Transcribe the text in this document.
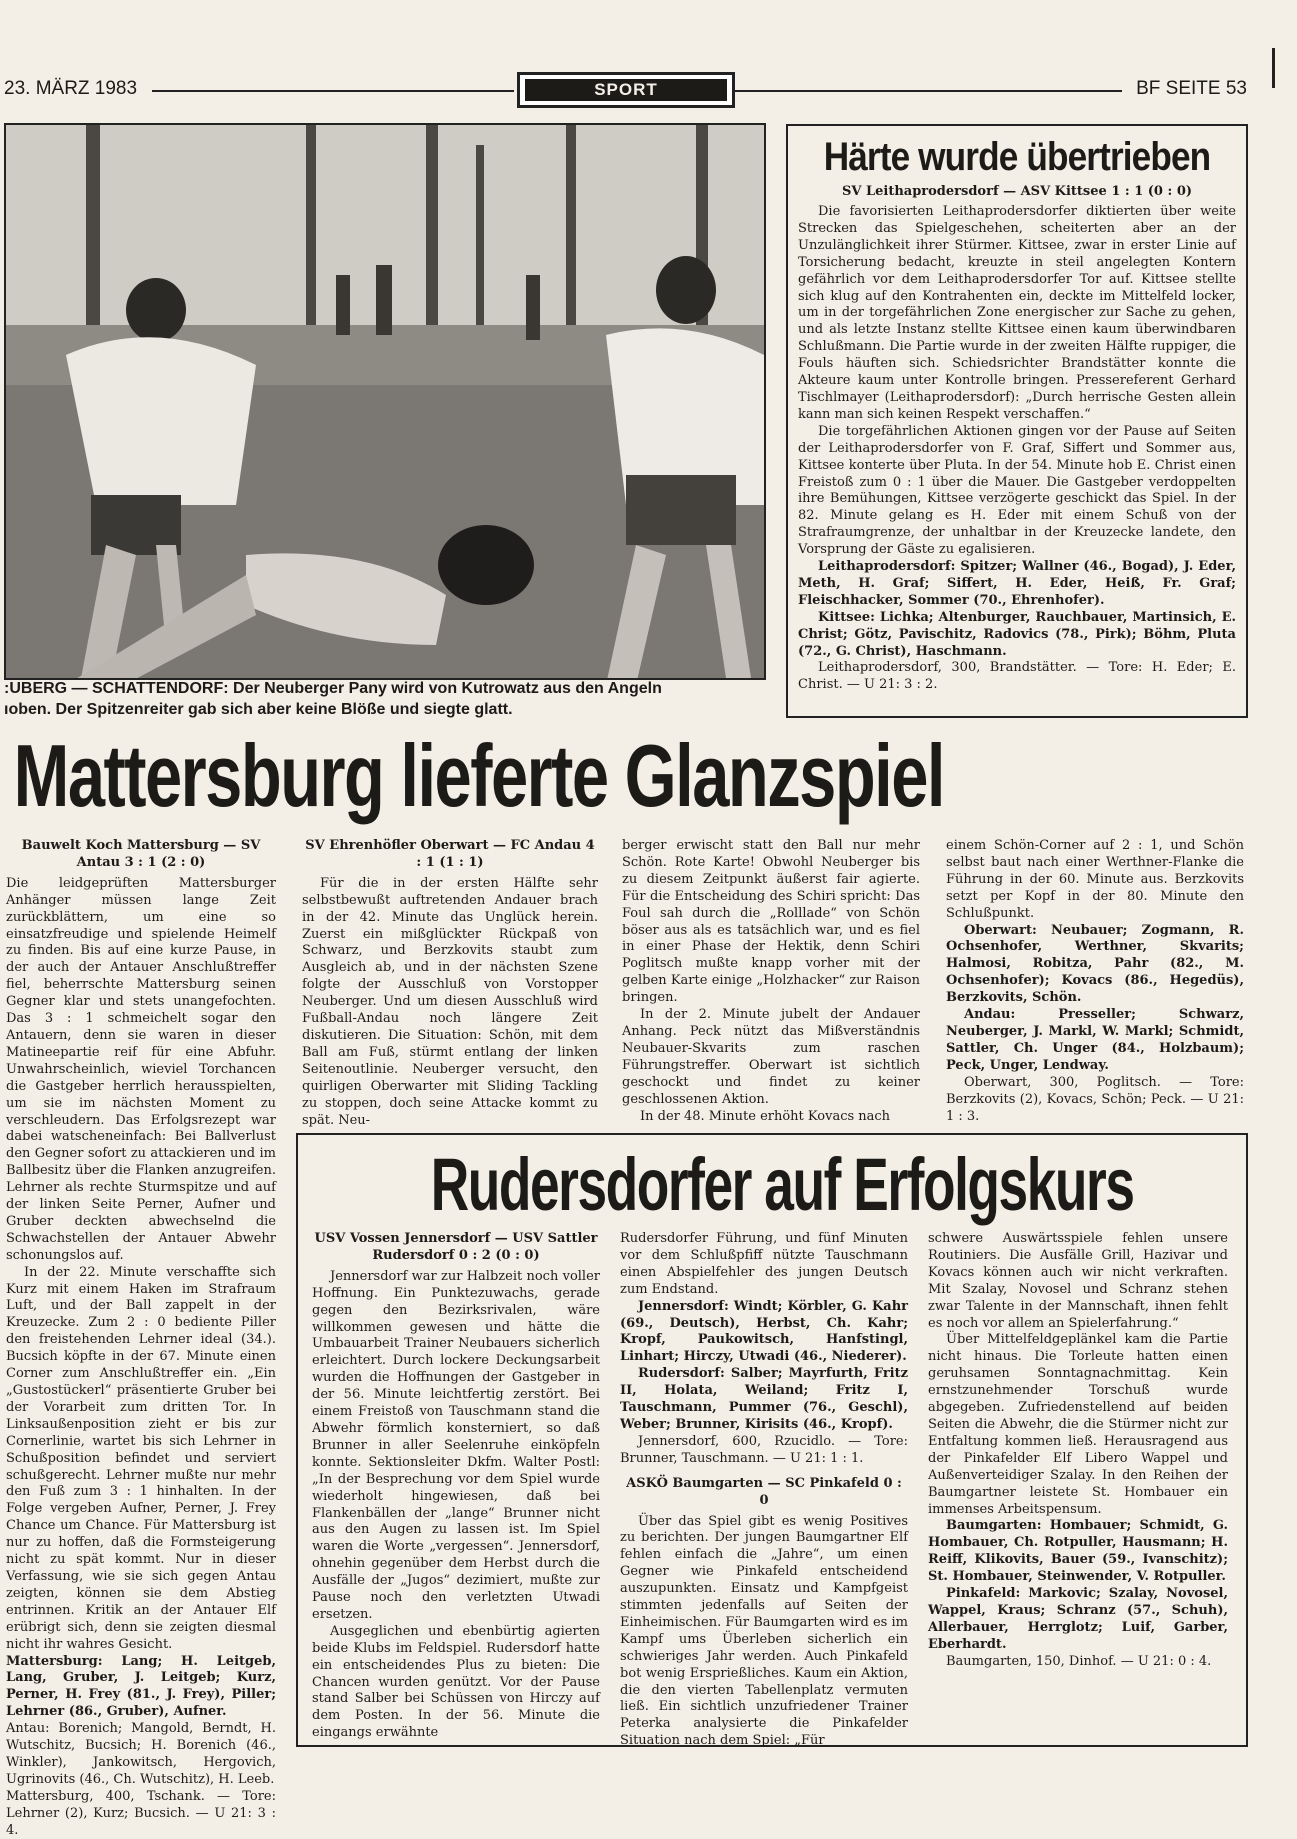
23. MÄRZ 1983	SPORT	BF SEITE 53
:UBERG — SCHATTENDORF: Der Neuberger Pany wird von Kutrowatz aus den Angeln
ıoben. Der Spitzenreiter gab sich aber keine Blöße und siegte glatt.
Härte wurde übertrieben
SV Leithaprodersdorf — ASV Kittsee 1 : 1 (0 : 0)

Die favorisierten Leithaprodersdorfer diktierten über weite Strecken das Spielgeschehen, scheiterten aber an der Unzulänglichkeit ihrer Stürmer. Kittsee, zwar in erster Linie auf Torsicherung bedacht, kreuzte in steil angelegten Kontern gefährlich vor dem Leithaprodersdorfer Tor auf. Kittsee stellte sich klug auf den Kontrahenten ein, deckte im Mittelfeld locker, um in der torgefährlichen Zone energischer zur Sache zu gehen, und als letzte Instanz stellte Kittsee einen kaum überwindbaren Schlußmann. Die Partie wurde in der zweiten Hälfte ruppiger, die Fouls häuften sich. Schiedsrichter Brandstätter konnte die Akteure kaum unter Kontrolle bringen. Pressereferent Gerhard Tischlmayer (Leithaprodersdorf): „Durch herrische Gesten allein kann man sich keinen Respekt verschaffen.“

Die torgefährlichen Aktionen gingen vor der Pause auf Seiten der Leithaprodersdorfer von F. Graf, Siffert und Sommer aus, Kittsee konterte über Pluta. In der 54. Minute hob E. Christ einen Freistoß zum 0 : 1 über die Mauer. Die Gastgeber verdoppelten ihre Bemühungen, Kittsee verzögerte geschickt das Spiel. In der 82. Minute gelang es H. Eder mit einem Schuß von der Strafraumgrenze, der unhaltbar in der Kreuzecke landete, den Vorsprung der Gäste zu egalisieren.

Leithaprodersdorf: Spitzer; Wallner (46., Bogad), J. Eder, Meth, H. Graf; Siffert, H. Eder, Heiß, Fr. Graf; Fleischhacker, Sommer (70., Ehrenhofer).

Kittsee: Lichka; Altenburger, Rauchbauer, Martinsich, E. Christ; Götz, Pavischitz, Radovics (78., Pirk); Böhm, Pluta (72., G. Christ), Haschmann.

Leithaprodersdorf, 300, Brandstätter. — Tore: H. Eder; E. Christ. — U 21: 3 : 2.

Mattersburg lieferte Glanzspiel

Bauwelt Koch Mattersburg — SV Antau 3 : 1 (2 : 0)

Die leidgeprüften Mattersburger Anhänger müssen lange Zeit zurückblättern, um eine so einsatzfreudige und spielende Heimelf zu finden. Bis auf eine kurze Pause, in der auch der Antauer Anschlußtreffer fiel, beherrschte Mattersburg seinen Gegner klar und stets unangefochten. Das 3 : 1 schmeichelt sogar den Antauern, denn sie waren in dieser Matineepartie reif für eine Abfuhr. Unwahrscheinlich, wieviel Torchancen die Gastgeber herrlich herausspielten, um sie im nächsten Moment zu verschleudern. Das Erfolgsrezept war dabei watscheneinfach: Bei Ballverlust den Gegner sofort zu attackieren und im Ballbesitz über die Flanken anzugreifen. Lehrner als rechte Sturmspitze und auf der linken Seite Perner, Aufner und Gruber deckten abwechselnd die Schwachstellen der Antauer Abwehr schonungslos auf.

In der 22. Minute verschaffte sich Kurz mit einem Haken im Strafraum Luft, und der Ball zappelt in der Kreuzecke. Zum 2 : 0 bediente Piller den freistehenden Lehrner ideal (34.). Bucsich köpfte in der 67. Minute einen Corner zum Anschlußtreffer ein. „Ein „Gustostückerl“ präsentierte Gruber bei der Vorarbeit zum dritten Tor. In Linksaußenposition zieht er bis zur Cornerlinie, wartet bis sich Lehrner in Schußposition befindet und serviert schußgerecht. Lehrner mußte nur mehr den Fuß zum 3 : 1 hinhalten. In der Folge vergeben Aufner, Perner, J. Frey Chance um Chance. Für Mattersburg ist nur zu hoffen, daß die Formsteigerung nicht zu spät kommt. Nur in dieser Verfassung, wie sie sich gegen Antau zeigten, können sie dem Abstieg entrinnen. Kritik an der Antauer Elf erübrigt sich, denn sie zeigten diesmal nicht ihr wahres Gesicht.

Mattersburg: Lang; H. Leitgeb, Lang, Gruber, J. Leitgeb; Kurz, Perner, H. Frey (81., J. Frey), Piller; Lehrner (86., Gruber), Aufner.

Antau: Borenich; Mangold, Berndt, H. Wutschitz, Bucsich; H. Borenich (46., Winkler), Jankowitsch, Hergovich, Ugrinovits (46., Ch. Wutschitz), H. Leeb.

Mattersburg, 400, Tschank. — Tore: Lehrner (2), Kurz; Bucsich. — U 21: 3 : 4.

SV Ehrenhöfler Oberwart — FC Andau 4 : 1 (1 : 1)

Für die in der ersten Hälfte sehr selbstbewußt auftretenden Andauer brach in der 42. Minute das Unglück herein. Zuerst ein mißglückter Rückpaß von Schwarz, und Berzkovits staubt zum Ausgleich ab, und in der nächsten Szene folgte der Ausschluß von Vorstopper Neuberger. Und um diesen Ausschluß wird Fußball-Andau noch längere Zeit diskutieren. Die Situation: Schön, mit dem Ball am Fuß, stürmt entlang der linken Seitenoutlinie. Neuberger versucht, den quirligen Oberwarter mit Sliding Tackling zu stoppen, doch seine Attacke kommt zu spät. Neu-

berger erwischt statt den Ball nur mehr Schön. Rote Karte! Obwohl Neuberger bis zu diesem Zeitpunkt äußerst fair agierte. Für die Entscheidung des Schiri spricht: Das Foul sah durch die „Rolllade“ von Schön böser aus als es tatsächlich war, und es fiel in einer Phase der Hektik, denn Schiri Poglitsch mußte knapp vorher mit der gelben Karte einige „Holzhacker“ zur Raison bringen.

In der 2. Minute jubelt der Andauer Anhang. Peck nützt das Mißverständnis Neubauer-Skvarits zum raschen Führungstreffer. Oberwart ist sichtlich geschockt und findet zu keiner geschlossenen Aktion.

In der 48. Minute erhöht Kovacs nach

einem Schön-Corner auf 2 : 1, und Schön selbst baut nach einer Werthner-Flanke die Führung in der 60. Minute aus. Berzkovits setzt per Kopf in der 80. Minute den Schlußpunkt.

Oberwart: Neubauer; Zogmann, R. Ochsenhofer, Werthner, Skvarits; Halmosi, Robitza, Pahr (82., M. Ochsenhofer); Kovacs (86., Hegedüs), Berzkovits, Schön.

Andau: Presseller; Schwarz, Neuberger, J. Markl, W. Markl; Schmidt, Sattler, Ch. Unger (84., Holzbaum); Peck, Unger, Lendway.

Oberwart, 300, Poglitsch. — Tore: Berzkovits (2), Kovacs, Schön; Peck. — U 21: 1 : 3.

Rudersdorfer auf Erfolgskurs

USV Vossen Jennersdorf — USV Sattler Rudersdorf 0 : 2 (0 : 0)

Jennersdorf war zur Halbzeit noch voller Hoffnung. Ein Punktezuwachs, gerade gegen den Bezirksrivalen, wäre willkommen gewesen und hätte die Umbauarbeit Trainer Neubauers sicherlich erleichtert. Durch lockere Deckungsarbeit wurden die Hoffnungen der Gastgeber in der 56. Minute leichtfertig zerstört. Bei einem Freistoß von Tauschmann stand die Abwehr förmlich konsterniert, so daß Brunner in aller Seelenruhe einköpfeln konnte. Sektionsleiter Dkfm. Walter Postl: „In der Besprechung vor dem Spiel wurde wiederholt hingewiesen, daß bei Flankenbällen der „lange“ Brunner nicht aus den Augen zu lassen ist. Im Spiel waren die Worte „vergessen“. Jennersdorf, ohnehin gegenüber dem Herbst durch die Ausfälle der „Jugos“ dezimiert, mußte zur Pause noch den verletzten Utwadi ersetzen.

Ausgeglichen und ebenbürtig agierten beide Klubs im Feldspiel. Rudersdorf hatte ein entscheidendes Plus zu bieten: Die Chancen wurden genützt. Vor der Pause stand Salber bei Schüssen von Hirczy auf dem Posten. In der 56. Minute die eingangs erwähnte

Rudersdorfer Führung, und fünf Minuten vor dem Schlußpfiff nützte Tauschmann einen Abspielfehler des jungen Deutsch zum Endstand.

Jennersdorf: Windt; Körbler, G. Kahr (69., Deutsch), Herbst, Ch. Kahr; Kropf, Paukowitsch, Hanfstingl, Linhart; Hirczy, Utwadi (46., Niederer).

Rudersdorf: Salber; Mayrfurth, Fritz II, Holata, Weiland; Fritz I, Tauschmann, Pummer (76., Geschl), Weber; Brunner, Kirisits (46., Kropf).

Jennersdorf, 600, Rzucidlo. — Tore: Brunner, Tauschmann. — U 21: 1 : 1.

ASKÖ Baumgarten — SC Pinkafeld 0 : 0

Über das Spiel gibt es wenig Positives zu berichten. Der jungen Baumgartner Elf fehlen einfach die „Jahre“, um einen Gegner wie Pinkafeld entscheidend auszupunkten. Einsatz und Kampfgeist stimmten jedenfalls auf Seiten der Einheimischen. Für Baumgarten wird es im Kampf ums Überleben sicherlich ein schwieriges Jahr werden. Auch Pinkafeld bot wenig Ersprießliches. Kaum ein Aktion, die den vierten Tabellenplatz vermuten ließ. Ein sichtlich unzufriedener Trainer Peterka analysierte die Pinkafelder Situation nach dem Spiel: „Für

schwere Auswärtsspiele fehlen unsere Routiniers. Die Ausfälle Grill, Hazivar und Kovacs können auch wir nicht verkraften. Mit Szalay, Novosel und Schranz stehen zwar Talente in der Mannschaft, ihnen fehlt es noch vor allem an Spielerfahrung.“

Über Mittelfeldgeplänkel kam die Partie nicht hinaus. Die Torleute hatten einen geruhsamen Sonntagnachmittag. Kein ernstzunehmender Torschuß wurde abgegeben. Zufriedenstellend auf beiden Seiten die Abwehr, die die Stürmer nicht zur Entfaltung kommen ließ. Herausragend aus der Pinkafelder Elf Libero Wappel und Außenverteidiger Szalay. In den Reihen der Baumgartner leistete St. Hombauer ein immenses Arbeitspensum.

Baumgarten: Hombauer; Schmidt, G. Hombauer, Ch. Rotpuller, Hausmann; H. Reiff, Klikovits, Bauer (59., Ivanschitz); St. Hombauer, Steinwender, V. Rotpuller.

Pinkafeld: Markovic; Szalay, Novosel, Wappel, Kraus; Schranz (57., Schuh), Allerbauer, Herrglotz; Luif, Garber, Eberhardt.

Baumgarten, 150, Dinhof. — U 21: 0 : 4.
